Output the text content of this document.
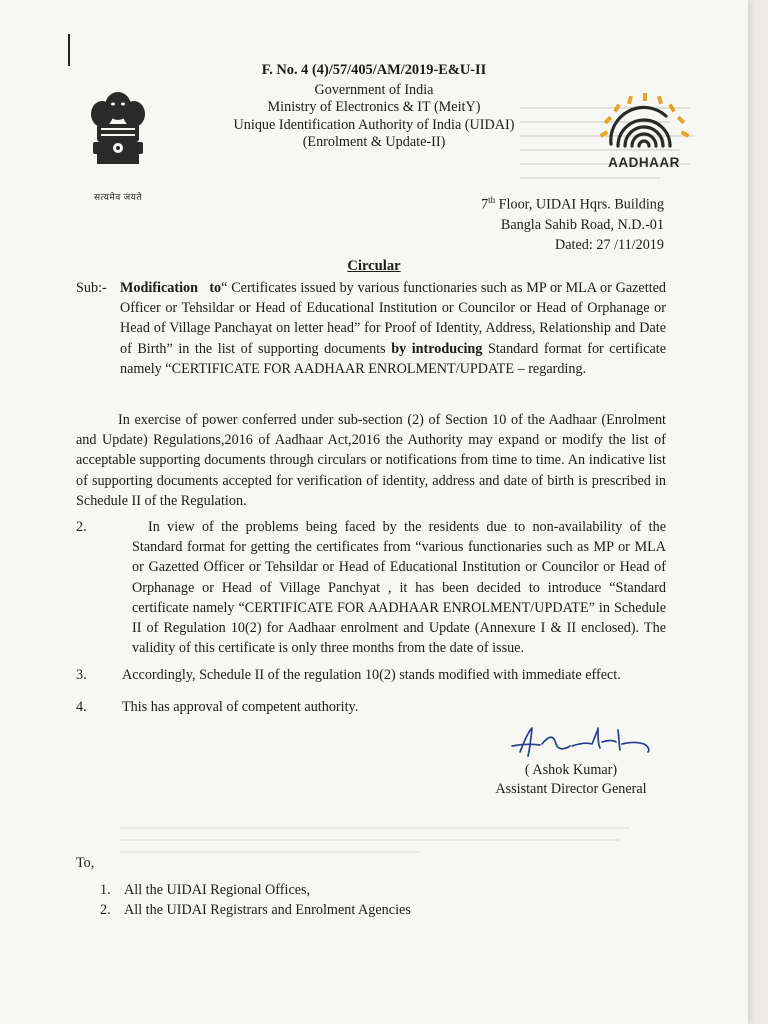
सत्यमेव जयते
AADHAAR
F. No. 4 (4)/57/405/AM/2019-E&U-II
Government of India
Ministry of Electronics & IT (MeitY)
Unique Identification Authority of India (UIDAI)
(Enrolment & Update-II)
7th Floor, UIDAI Hqrs. Building
Bangla Sahib Road, N.D.-01
Dated: 27 /11/2019
Circular
Sub:- Modification to“ Certificates issued by various functionaries such as MP or MLA or Gazetted Officer or Tehsildar or Head of Educational Institution or Councilor or Head of Orphanage or Head of Village Panchayat on letter head” for Proof of Identity, Address, Relationship and Date of Birth” in the list of supporting documents by introducing Standard format for certificate namely “CERTIFICATE FOR AADHAAR ENROLMENT/UPDATE – regarding.
In exercise of power conferred under sub-section (2) of Section 10 of the Aadhaar (Enrolment and Update) Regulations,2016 of Aadhaar Act,2016 the Authority may expand or modify the list of acceptable supporting documents through circulars or notifications from time to time. An indicative list of supporting documents accepted for verification of identity, address and date of birth is prescribed in Schedule II of the Regulation.
2.	In view of the problems being faced by the residents due to non-availability of the Standard format for getting the certificates from “various functionaries such as MP or MLA or Gazetted Officer or Tehsildar or Head of Educational Institution or Councilor or Head of Orphanage or Head of Village Panchyat , it has been decided to introduce “Standard certificate namely “CERTIFICATE FOR AADHAAR ENROLMENT/UPDATE” in Schedule II of Regulation 10(2) for Aadhaar enrolment and Update (Annexure I & II enclosed). The validity of this certificate is only three months from the date of issue.
3.	Accordingly, Schedule II of the regulation 10(2) stands modified with immediate effect.
4.	This has approval of competent authority.
( Ashok Kumar)
Assistant Director General
To,
1. All the UIDAI Regional Offices,
2. All the UIDAI Registrars and Enrolment Agencies
